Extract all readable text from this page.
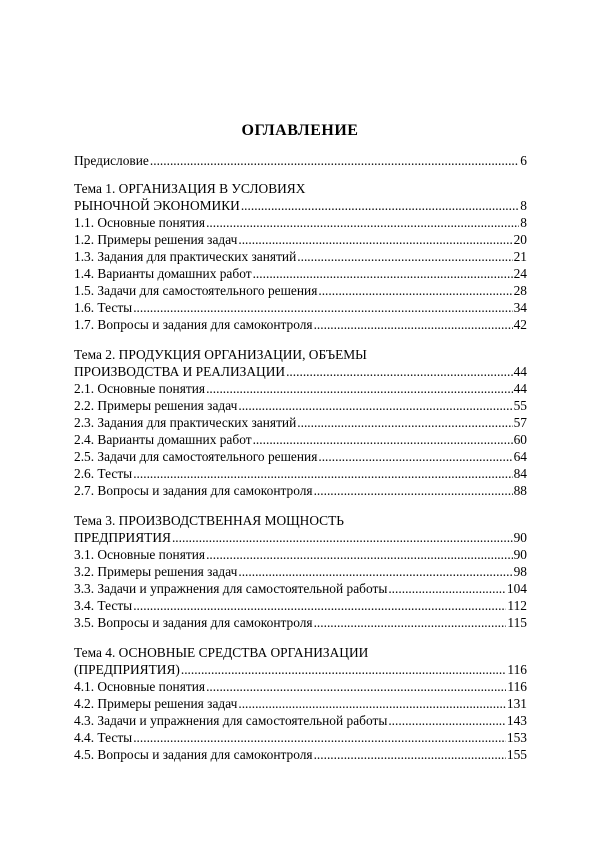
ОГЛАВЛЕНИЕ
Предисловие .....	6
Тема 1. ОРГАНИЗАЦИЯ В УСЛОВИЯХ
РЫНОЧНОЙ ЭКОНОМИКИ .....	8
1.1. Основные понятия .....	8
1.2. Примеры решения задач .....	20
1.3. Задания для практических занятий .....	21
1.4. Варианты домашних работ .....	24
1.5. Задачи для самостоятельного решения .....	28
1.6. Тесты .....	34
1.7. Вопросы и задания для самоконтроля .....	42
Тема 2. ПРОДУКЦИЯ ОРГАНИЗАЦИИ, ОБЪЕМЫ
ПРОИЗВОДСТВА И РЕАЛИЗАЦИИ .....	44
2.1. Основные понятия .....	44
2.2. Примеры решения задач .....	55
2.3. Задания для практических занятий .....	57
2.4. Варианты домашних работ .....	60
2.5. Задачи для самостоятельного решения .....	64
2.6. Тесты .....	84
2.7. Вопросы и задания для самоконтроля .....	88
Тема 3. ПРОИЗВОДСТВЕННАЯ МОЩНОСТЬ
ПРЕДПРИЯТИЯ .....	90
3.1. Основные понятия .....	90
3.2. Примеры решения задач .....	98
3.3. Задачи и упражнения для самостоятельной работы .....	104
3.4. Тесты .....	112
3.5. Вопросы и задания для самоконтроля .....	115
Тема 4. ОСНОВНЫЕ СРЕДСТВА ОРГАНИЗАЦИИ
(ПРЕДПРИЯТИЯ) .....	116
4.1. Основные понятия .....	116
4.2. Примеры решения задач .....	131
4.3. Задачи и упражнения для самостоятельной работы .....	143
4.4. Тесты .....	153
4.5. Вопросы и задания для самоконтроля .....	155
